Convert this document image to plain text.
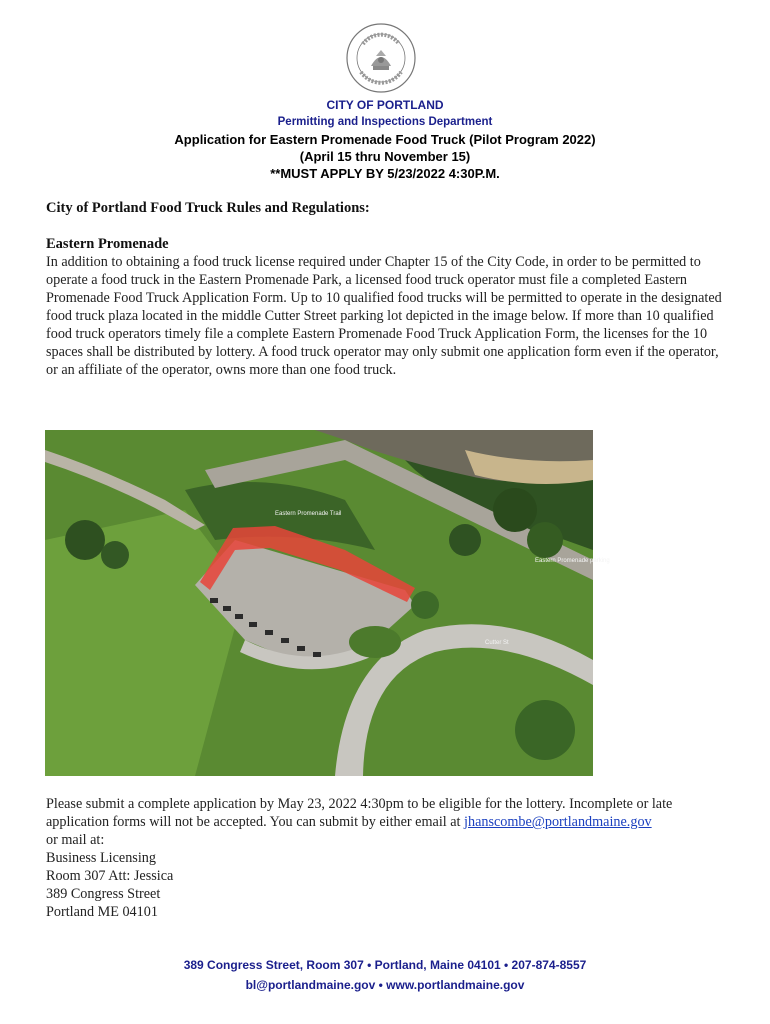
CITY OF PORTLAND
Permitting and Inspections Department
Application for Eastern Promenade Food Truck (Pilot Program 2022)
(April 15 thru November 15)
**MUST APPLY BY 5/23/2022 4:30P.M.
City of Portland Food Truck Rules and Regulations:
Eastern Promenade
In addition to obtaining a food truck license required under Chapter 15 of the City Code, in order to be permitted to operate a food truck in the Eastern Promenade Park, a licensed food truck operator must file a completed Eastern Promenade Food Truck Application Form. Up to 10 qualified food trucks will be permitted to operate in the designated food truck plaza located in the middle Cutter Street parking lot depicted in the image below. If more than 10 qualified food truck operators timely file a complete Eastern Promenade Food Truck Application Form, the licenses for the 10 spaces shall be distributed by lottery. A food truck operator may only submit one application form even if the operator, or an affiliate of the operator, owns more than one food truck.
Cutter St
Eastern Promenade Trail
Eastern Promenade parking
Please submit a complete application by May 23, 2022 4:30pm to be eligible for the lottery. Incomplete or late application forms will not be accepted. You can submit by either email at jhanscombe@portlandmaine.gov
or mail at:
Business Licensing
Room 307 Att: Jessica
389 Congress Street
Portland ME 04101
389 Congress Street, Room 307 • Portland, Maine 04101 • 207-874-8557
bl@portlandmaine.gov • www.portlandmaine.gov
